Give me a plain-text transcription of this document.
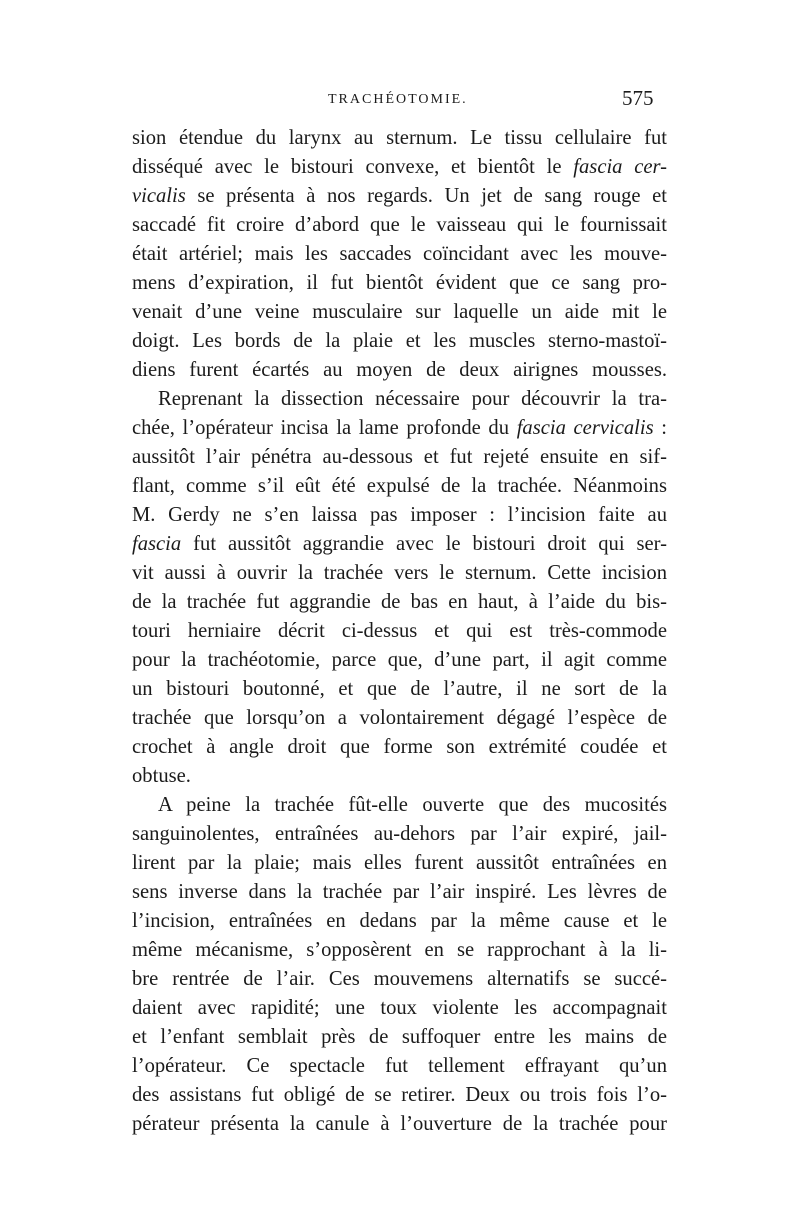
TRACHÉOTOMIE.	575
sion étendue du larynx au sternum. Le tissu cellulaire fut
disséqué avec le bistouri convexe, et bientôt le fascia cer-
vicalis se présenta à nos regards. Un jet de sang rouge et
saccadé fit croire d’abord que le vaisseau qui le fournissait
était artériel; mais les saccades coïncidant avec les mouve-
mens d’expiration, il fut bientôt évident que ce sang pro-
venait d’une veine musculaire sur laquelle un aide mit le
doigt. Les bords de la plaie et les muscles sterno-mastoï-
diens furent écartés au moyen de deux airignes mousses.
Reprenant la dissection nécessaire pour découvrir la tra-
chée, l’opérateur incisa la lame profonde du fascia cervicalis :
aussitôt l’air pénétra au-dessous et fut rejeté ensuite en sif-
flant, comme s’il eût été expulsé de la trachée. Néanmoins
M. Gerdy ne s’en laissa pas imposer : l’incision faite au
fascia fut aussitôt aggrandie avec le bistouri droit qui ser-
vit aussi à ouvrir la trachée vers le sternum. Cette incision
de la trachée fut aggrandie de bas en haut, à l’aide du bis-
touri herniaire décrit ci-dessus et qui est très-commode
pour la trachéotomie, parce que, d’une part, il agit comme
un bistouri boutonné, et que de l’autre, il ne sort de la
trachée que lorsqu’on a volontairement dégagé l’espèce de
crochet à angle droit que forme son extrémité coudée et
obtuse.
A peine la trachée fût-elle ouverte que des mucosités
sanguinolentes, entraînées au-dehors par l’air expiré, jail-
lirent par la plaie; mais elles furent aussitôt entraînées en
sens inverse dans la trachée par l’air inspiré. Les lèvres de
l’incision, entraînées en dedans par la même cause et le
même mécanisme, s’opposèrent en se rapprochant à la li-
bre rentrée de l’air. Ces mouvemens alternatifs se succé-
daient avec rapidité; une toux violente les accompagnait
et l’enfant semblait près de suffoquer entre les mains de
l’opérateur. Ce spectacle fut tellement effrayant qu’un
des assistans fut obligé de se retirer. Deux ou trois fois l’o-
pérateur présenta la canule à l’ouverture de la trachée pour
